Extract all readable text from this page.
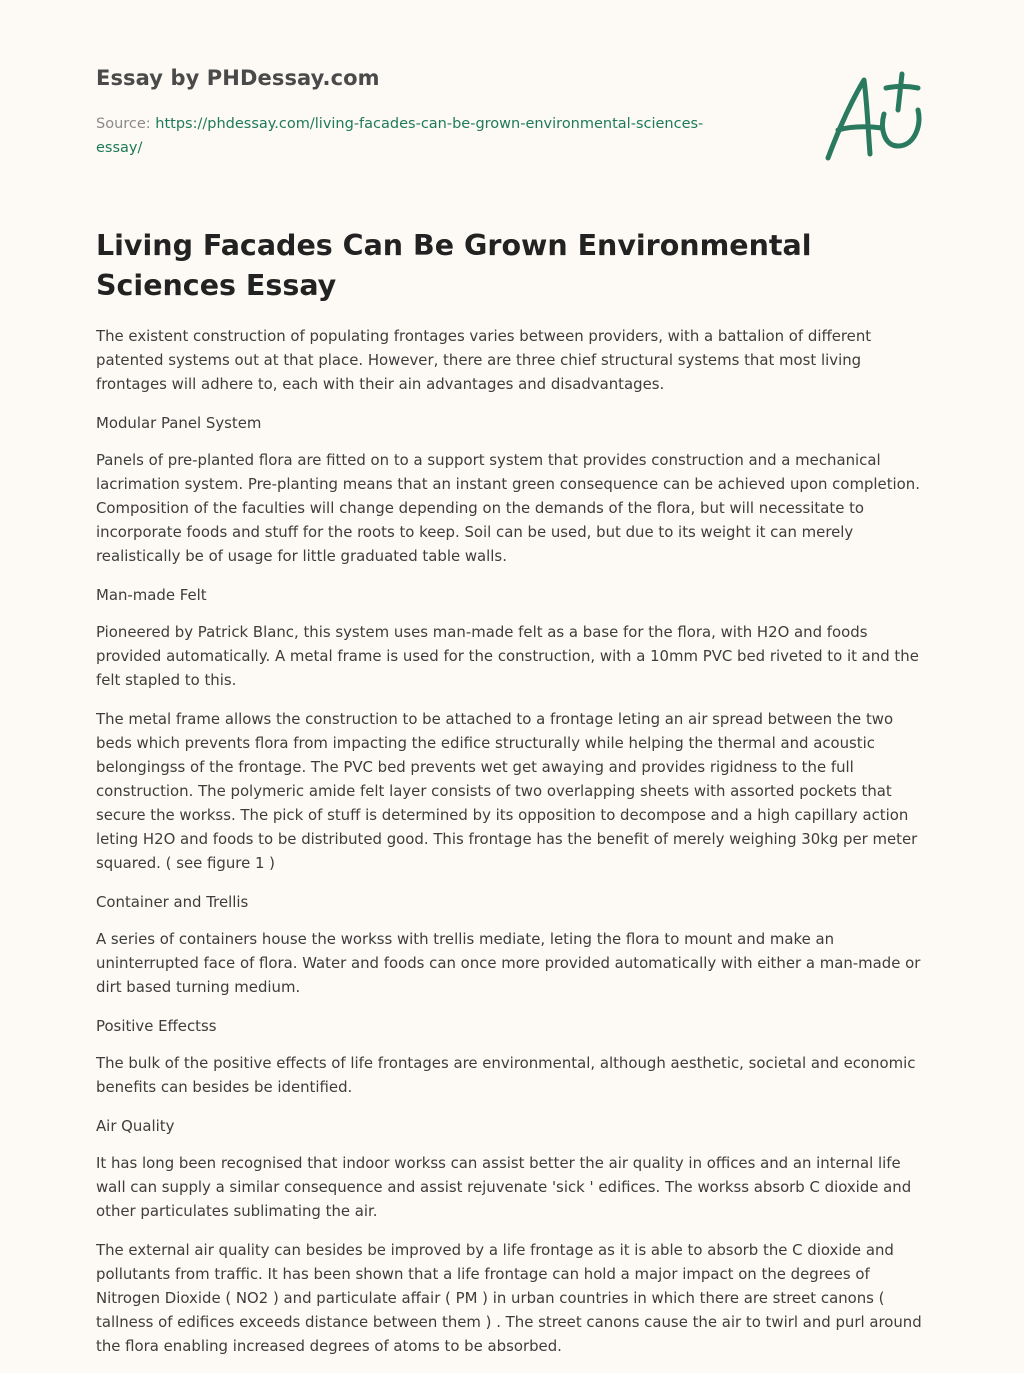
Essay by PHDessay.com
Source: https://phdessay.com/living-facades-can-be-grown-environmental-sciences-essay/
Living Facades Can Be Grown Environmental Sciences Essay

The existent construction of populating frontages varies between providers, with a battalion of different patented systems out at that place. However, there are three chief structural systems that most living frontages will adhere to, each with their ain advantages and disadvantages.

Modular Panel System

Panels of pre-planted flora are fitted on to a support system that provides construction and a mechanical lacrimation system. Pre-planting means that an instant green consequence can be achieved upon completion. Composition of the faculties will change depending on the demands of the flora, but will necessitate to incorporate foods and stuff for the roots to keep. Soil can be used, but due to its weight it can merely realistically be of usage for little graduated table walls.

Man-made Felt

Pioneered by Patrick Blanc, this system uses man-made felt as a base for the flora, with H2O and foods provided automatically. A metal frame is used for the construction, with a 10mm PVC bed riveted to it and the felt stapled to this.

The metal frame allows the construction to be attached to a frontage leting an air spread between the two beds which prevents flora from impacting the edifice structurally while helping the thermal and acoustic belongingss of the frontage. The PVC bed prevents wet get awaying and provides rigidness to the full construction. The polymeric amide felt layer consists of two overlapping sheets with assorted pockets that secure the workss. The pick of stuff is determined by its opposition to decompose and a high capillary action leting H2O and foods to be distributed good. This frontage has the benefit of merely weighing 30kg per meter squared. ( see figure 1 )

Container and Trellis

A series of containers house the workss with trellis mediate, leting the flora to mount and make an uninterrupted face of flora. Water and foods can once more provided automatically with either a man-made or dirt based turning medium.

Positive Effectss

The bulk of the positive effects of life frontages are environmental, although aesthetic, societal and economic benefits can besides be identified.

Air Quality

It has long been recognised that indoor workss can assist better the air quality in offices and an internal life wall can supply a similar consequence and assist rejuvenate 'sick ' edifices. The workss absorb C dioxide and other particulates sublimating the air.

The external air quality can besides be improved by a life frontage as it is able to absorb the C dioxide and pollutants from traffic. It has been shown that a life frontage can hold a major impact on the degrees of Nitrogen Dioxide ( NO2 ) and particulate affair ( PM ) in urban countries in which there are street canons ( tallness of edifices exceeds distance between them ) . The street canons cause the air to twirl and purl around the flora enabling increased degrees of atoms to be absorbed.
